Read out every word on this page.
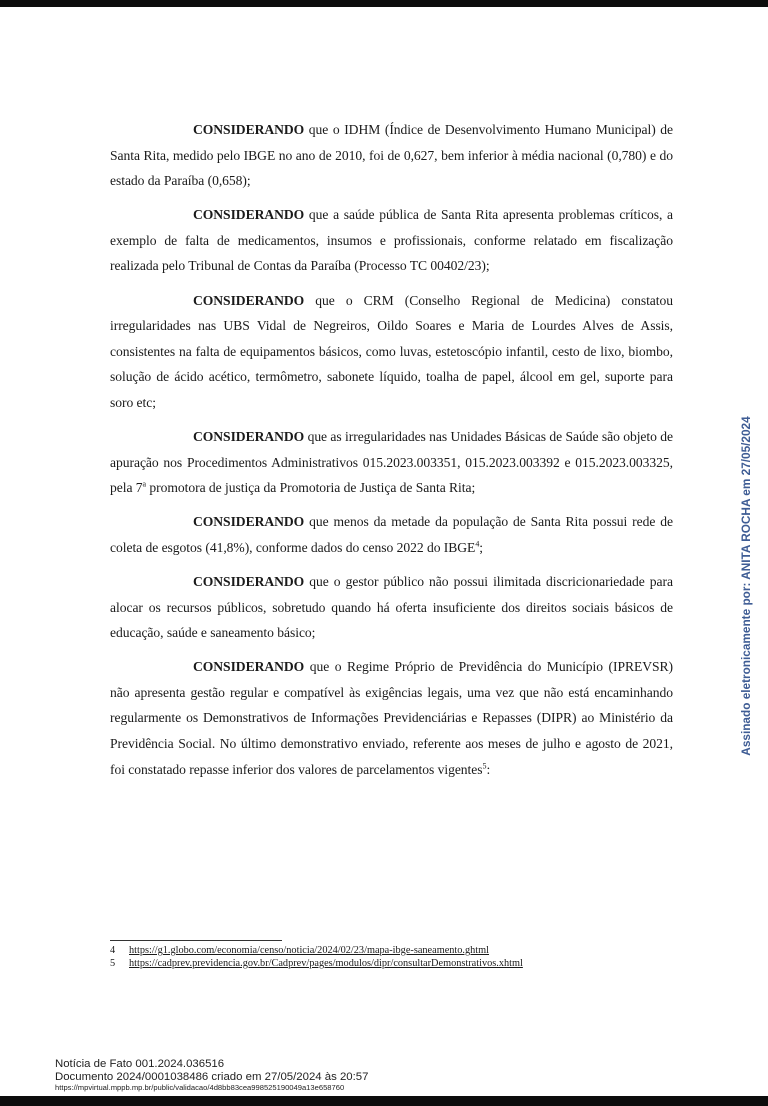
CONSIDERANDO que o IDHM (Índice de Desenvolvimento Humano Municipal) de Santa Rita, medido pelo IBGE no ano de 2010, foi de 0,627, bem inferior à média nacional (0,780) e do estado da Paraíba (0,658);

CONSIDERANDO que a saúde pública de Santa Rita apresenta problemas críticos, a exemplo de falta de medicamentos, insumos e profissionais, conforme relatado em fiscalização realizada pelo Tribunal de Contas da Paraíba (Processo TC 00402/23);

CONSIDERANDO que o CRM (Conselho Regional de Medicina) constatou irregularidades nas UBS Vidal de Negreiros, Oildo Soares e Maria de Lourdes Alves de Assis, consistentes na falta de equipamentos básicos, como luvas, estetoscópio infantil, cesto de lixo, biombo, solução de ácido acético, termômetro, sabonete líquido, toalha de papel, álcool em gel, suporte para soro etc;

CONSIDERANDO que as irregularidades nas Unidades Básicas de Saúde são objeto de apuração nos Procedimentos Administrativos 015.2023.003351, 015.2023.003392 e 015.2023.003325, pela 7$^a$ promotora de justiça da Promotoria de Justiça de Santa Rita;

CONSIDERANDO que menos da metade da população de Santa Rita possui rede de coleta de esgotos (41,8%), conforme dados do censo 2022 do IBGE$^4$;

CONSIDERANDO que o gestor público não possui ilimitada discricionariedade para alocar os recursos públicos, sobretudo quando há oferta insuficiente dos direitos sociais básicos de educação, saúde e saneamento básico;

CONSIDERANDO que o Regime Próprio de Previdência do Município (IPREVSR) não apresenta gestão regular e compatível às exigências legais, uma vez que não está encaminhando regularmente os Demonstrativos de Informações Previdenciárias e Repasses (DIPR) ao Ministério da Previdência Social. No último demonstrativo enviado, referente aos meses de julho e agosto de 2021, foi constatado repasse inferior dos valores de parcelamentos vigentes$^5$:

4 https://g1.globo.com/economia/censo/noticia/2024/02/23/mapa-ibge-saneamento.ghtml
5 https://cadprev.previdencia.gov.br/Cadprev/pages/modulos/dipr/consultarDemonstrativos.xhtml
Notícia de Fato 001.2024.036516
Documento 2024/0001038486 criado em 27/05/2024 às 20:57
https://mpvirtual.mppb.mp.br/public/validacao/4d8bb83cea998525190049a13e658760
Assinado eletronicamente por: ANITA ROCHA em 27/05/2024
